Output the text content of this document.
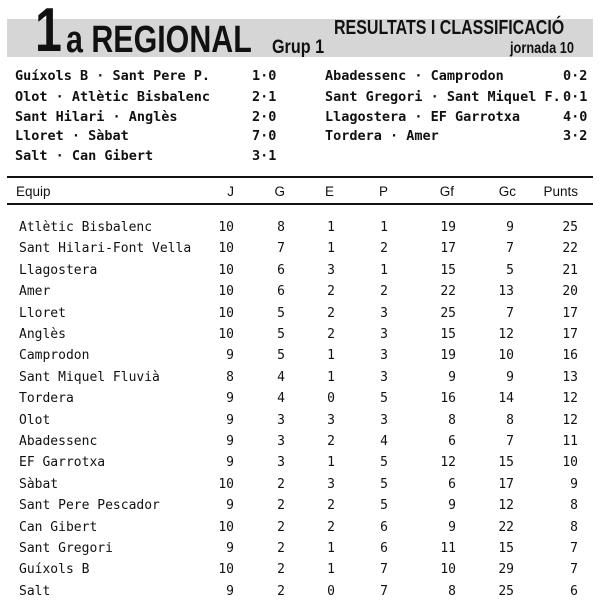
1 a REGIONAL Grup 1
RESULTATS I CLASSIFICACIÓ
jornada 10
Guíxols B · Sant Pere P.	1·0
Olot · Atlètic Bisbalenc	2·1
Sant Hilari · Anglès	2·0
Lloret · Sàbat	7·0
Salt · Can Gibert	3·1
Abadessenc · Camprodon	0·2
Sant Gregori · Sant Miquel F. 0·1
Llagostera · EF Garrotxa	4·0
Tordera · Amer	3·2
Equip	J	G	E	P	Gf	Gc	Punts
Atlètic Bisbalenc	10	8	1	1	19	9	25
Sant Hilari-Font Vella	10	7	1	2	17	7	22
Llagostera	10	6	3	1	15	5	21
Amer	10	6	2	2	22	13	20
Lloret	10	5	2	3	25	7	17
Anglès	10	5	2	3	15	12	17
Camprodon	9	5	1	3	19	10	16
Sant Miquel Fluvià	8	4	1	3	9	9	13
Tordera	9	4	0	5	16	14	12
Olot	9	3	3	3	8	8	12
Abadessenc	9	3	2	4	6	7	11
EF Garrotxa	9	3	1	5	12	15	10
Sàbat	10	2	3	5	6	17	9
Sant Pere Pescador	9	2	2	5	9	12	8
Can Gibert	10	2	2	6	9	22	8
Sant Gregori	9	2	1	6	11	15	7
Guíxols B	10	2	1	7	10	29	7
Salt	9	2	0	7	8	25	6
